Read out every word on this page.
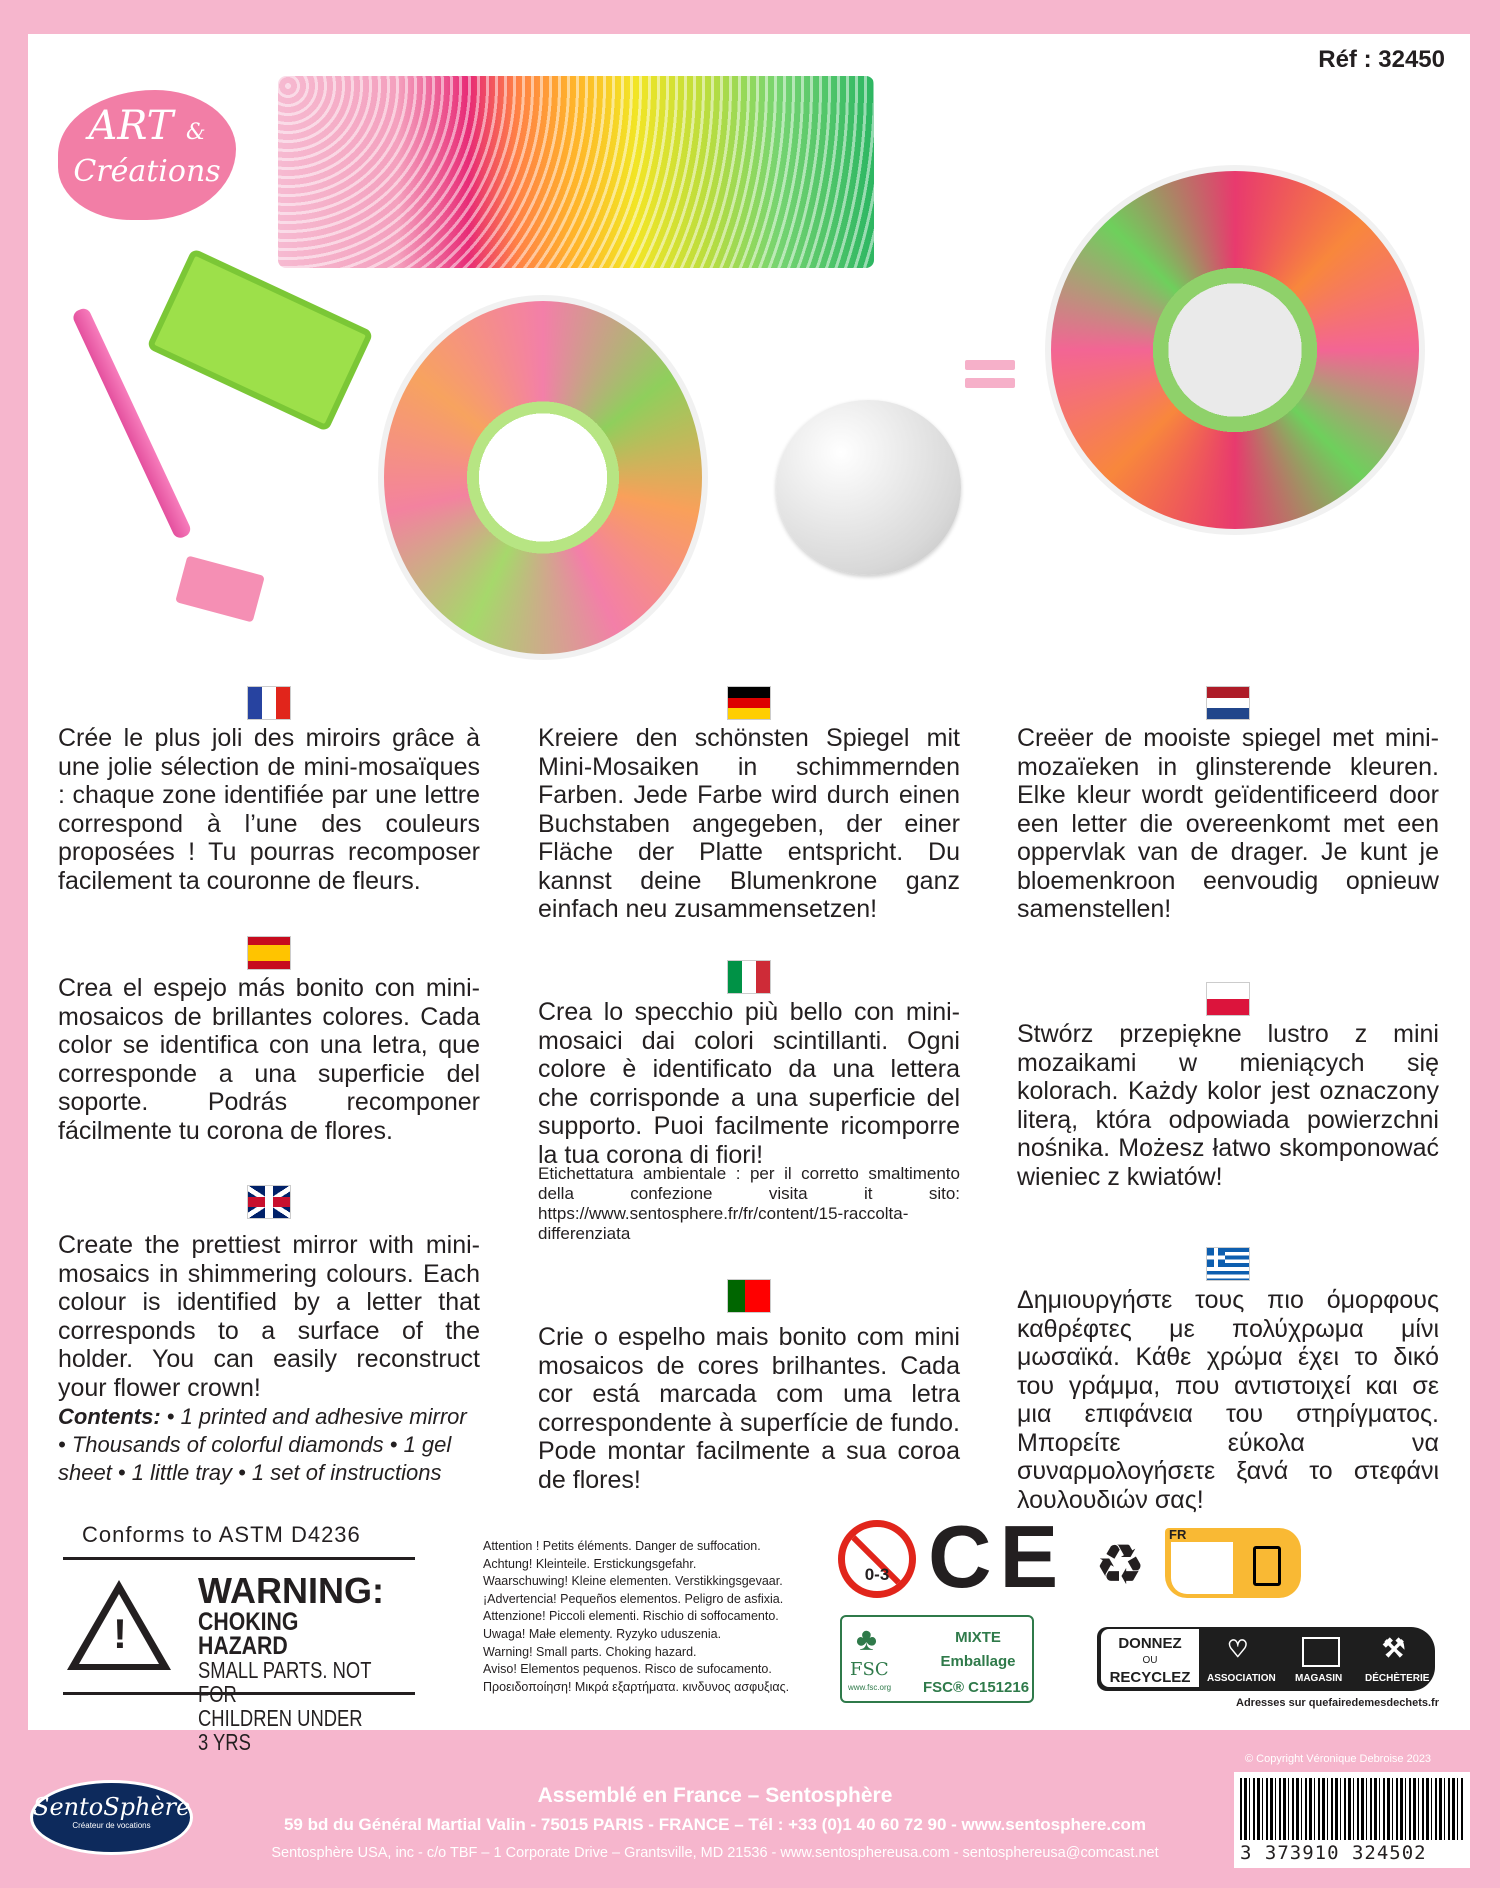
Réf : 32450
ART &
Créations
Crée le plus joli des miroirs grâce à une jolie sélection de mini-mosaïques : chaque zone identifiée par une lettre correspond à l’une des couleurs proposées ! Tu pourras recomposer facilement ta couronne de fleurs.
Crea el espejo más bonito con mini-mosaicos de brillantes colores. Cada color se identifica con una letra, que corresponde a una superficie del soporte. Podrás recomponer fácilmente tu corona de flores.
Create the prettiest mirror with mini-mosaics in shimmering colours. Each colour is identified by a letter that corresponds to a surface of the holder. You can easily reconstruct your flower crown!
Contents: • 1 printed and adhesive mirror • Thousands of colorful diamonds • 1 gel sheet • 1 little tray • 1 set of instructions
Kreiere den schönsten Spiegel mit Mini-Mosaiken in schimmernden Farben. Jede Farbe wird durch einen Buchstaben angegeben, der einer Fläche der Platte entspricht. Du kannst deine Blumenkrone ganz einfach neu zusammensetzen!
Crea lo specchio più bello con mini-mosaici dai colori scintillanti. Ogni colore è identificato da una lettera che corrisponde a una superficie del supporto. Puoi facilmente ricomporre la tua corona di fiori!
Etichettatura ambientale : per il corretto smaltimento della confezione visita it sito: https://www.sentosphere.fr/fr/content/15-raccolta-differenziata
Crie o espelho mais bonito com mini mosaicos de cores brilhantes. Cada cor está marcada com uma letra correspondente à superfície de fundo. Pode montar facilmente a sua coroa de flores!
Creëer de mooiste spiegel met mini-mozaïeken in glinsterende kleuren. Elke kleur wordt geïdentificeerd door een letter die overeenkomt met een oppervlak van de drager. Je kunt je bloemenkroon eenvoudig opnieuw samenstellen!
Stwórz przepiękne lustro z mini mozaikami w mieniących się kolorach. Każdy kolor jest oznaczony literą, która odpowiada powierzchni nośnika. Możesz łatwo skomponować wieniec z kwiatów!
Δημιουργήστε τους πιο όμορφους καθρέφτες με πολύχρωμα μίνι μωσαϊκά. Κάθε χρώμα έχει το δικό του γράμμα, που αντιστοιχεί και σε μια επιφάνεια του στηρίγματος. Μπορείτε εύκολα να συναρμολογήσετε ξανά το στεφάνι λουλουδιών σας!
Conforms to ASTM D4236
!
WARNING:
CHOKING HAZARD
SMALL PARTS. NOT FOR
CHILDREN UNDER 3 YRS
Attention ! Petits éléments. Danger de suffocation.
Achtung! Kleinteile. Erstickungsgefahr.
Waarschuwing! Kleine elementen. Verstikkingsgevaar.
¡Advertencia! Pequeños elementos. Peligro de asfixia.
Attenzione! Piccoli elementi. Rischio di soffocamento.
Uwaga! Małe elementy. Ryzyko uduszenia.
Warning! Small parts. Choking hazard.
Aviso! Elementos pequenos. Risco de sufocamento.
Προειδοποίηση! Μικρά εξαρτήματα. κινδυνος ασφυξιας.
0-3 CE
FSC
www.fsc.org
♣	MIXTE
Emballage
FSC® C151216
♻ FR
DONNEZ
OU
RECYCLEZ	ASSOCIATION MAGASIN DÉCHÈTERIE
♡	⚒
Adresses sur quefairedemesdechets.fr
SentoSphère
Créateur de vocations
Assemblé en France – Sentosphère
59 bd du Général Martial Valin - 75015 PARIS - FRANCE – Tél : +33 (0)1 40 60 72 90 - www.sentosphere.com
Sentosphère USA, inc - c/o TBF – 1 Corporate Drive – Grantsville, MD 21536 - www.sentosphereusa.com - sentosphereusa@comcast.net
© Copyright Véronique Debroise 2023
3 373910 324502
